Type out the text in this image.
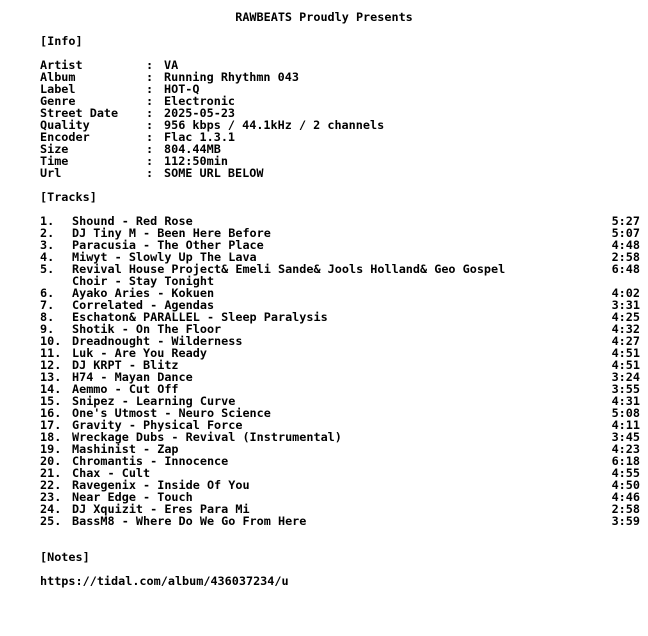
RAWBEATS Proudly Presents
[Info]
Artist	: VA
Album	: Running Rhythmn 043
Label	: HOT-Q
Genre	: Electronic
Street Date : 2025-05-23
Quality	: 956 kbps / 44.1kHz / 2 channels
Encoder	: Flac 1.3.1
Size	: 804.44MB
Time	: 112:50min
Url	: SOME URL BELOW
[Tracks]
1. Shound - Red Rose	5:27
2. DJ Tiny M - Been Here Before	5:07
3. Paracusia - The Other Place	4:48
4. Miwyt - Slowly Up The Lava	2:58
5. Revival House Project& Emeli Sande& Jools Holland& Geo Gospel	6:48
Choir - Stay Tonight
6. Ayako Aries - Kokuen	4:02
7. Correlated - Agendas	3:31
8. Eschaton& PARALLEL - Sleep Paralysis	4:25
9. Shotik - On The Floor	4:32
10. Dreadnought - Wilderness	4:27
11. Luk - Are You Ready	4:51
12. DJ KRPT - Blitz	4:51
13. H74 - Mayan Dance	3:24
14. Aemmo - Cut Off	3:55
15. Snipez - Learning Curve	4:31
16. One's Utmost - Neuro Science	5:08
17. Gravity - Physical Force	4:11
18. Wreckage Dubs - Revival (Instrumental)	3:45
19. Mashinist - Zap	4:23
20. Chromantis - Innocence	6:18
21. Chax - Cult	4:55
22. Ravegenix - Inside Of You	4:50
23. Near Edge - Touch	4:46
24. DJ Xquizit - Eres Para Mi	2:58
25. BassM8 - Where Do We Go From Here	3:59
[Notes]
https://tidal.com/album/436037234/u
